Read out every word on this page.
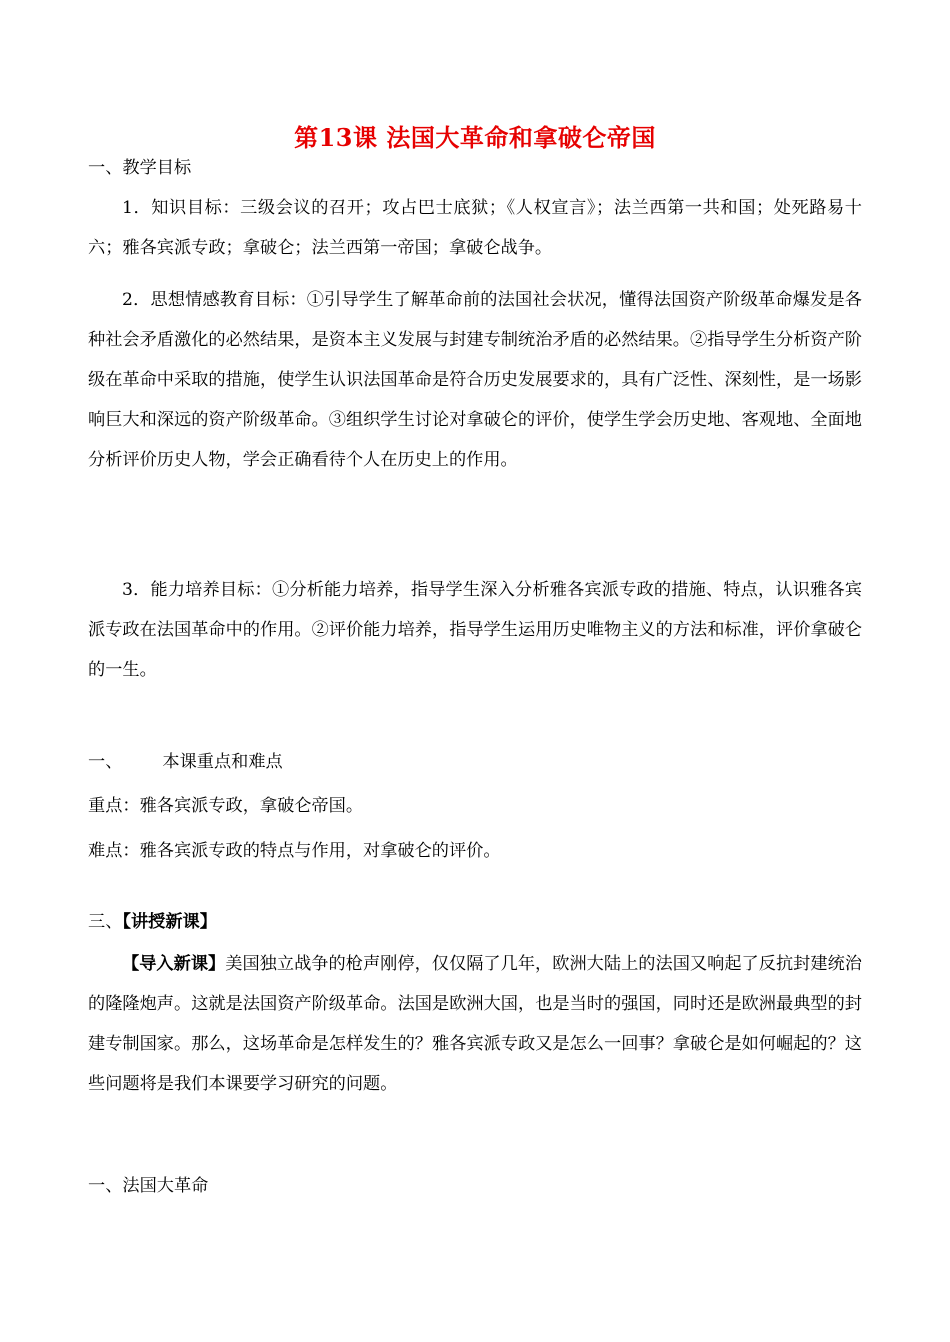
第13课 法国大革命和拿破仑帝国
一、教学目标
1．知识目标：三级会议的召开；攻占巴士底狱；《人权宣言》；法兰西第一共和国；处死路易十六；雅各宾派专政；拿破仑；法兰西第一帝国；拿破仑战争。
2．思想情感教育目标：①引导学生了解革命前的法国社会状况，懂得法国资产阶级革命爆发是各种社会矛盾激化的必然结果，是资本主义发展与封建专制统治矛盾的必然结果。②指导学生分析资产阶级在革命中采取的措施，使学生认识法国革命是符合历史发展要求的，具有广泛性、深刻性，是一场影响巨大和深远的资产阶级革命。③组织学生讨论对拿破仑的评价，使学生学会历史地、客观地、全面地分析评价历史人物，学会正确看待个人在历史上的作用。
3．能力培养目标：①分析能力培养，指导学生深入分析雅各宾派专政的措施、特点，认识雅各宾派专政在法国革命中的作用。②评价能力培养，指导学生运用历史唯物主义的方法和标准，评价拿破仑的一生。
一、 本课重点和难点
重点：雅各宾派专政，拿破仑帝国。
难点：雅各宾派专政的特点与作用，对拿破仑的评价。
三、【讲授新课】
【导入新课】美国独立战争的枪声刚停，仅仅隔了几年，欧洲大陆上的法国又响起了反抗封建统治的隆隆炮声。这就是法国资产阶级革命。法国是欧洲大国，也是当时的强国，同时还是欧洲最典型的封建专制国家。那么，这场革命是怎样发生的？雅各宾派专政又是怎么一回事？拿破仑是如何崛起的？这些问题将是我们本课要学习研究的问题。
一、法国大革命
